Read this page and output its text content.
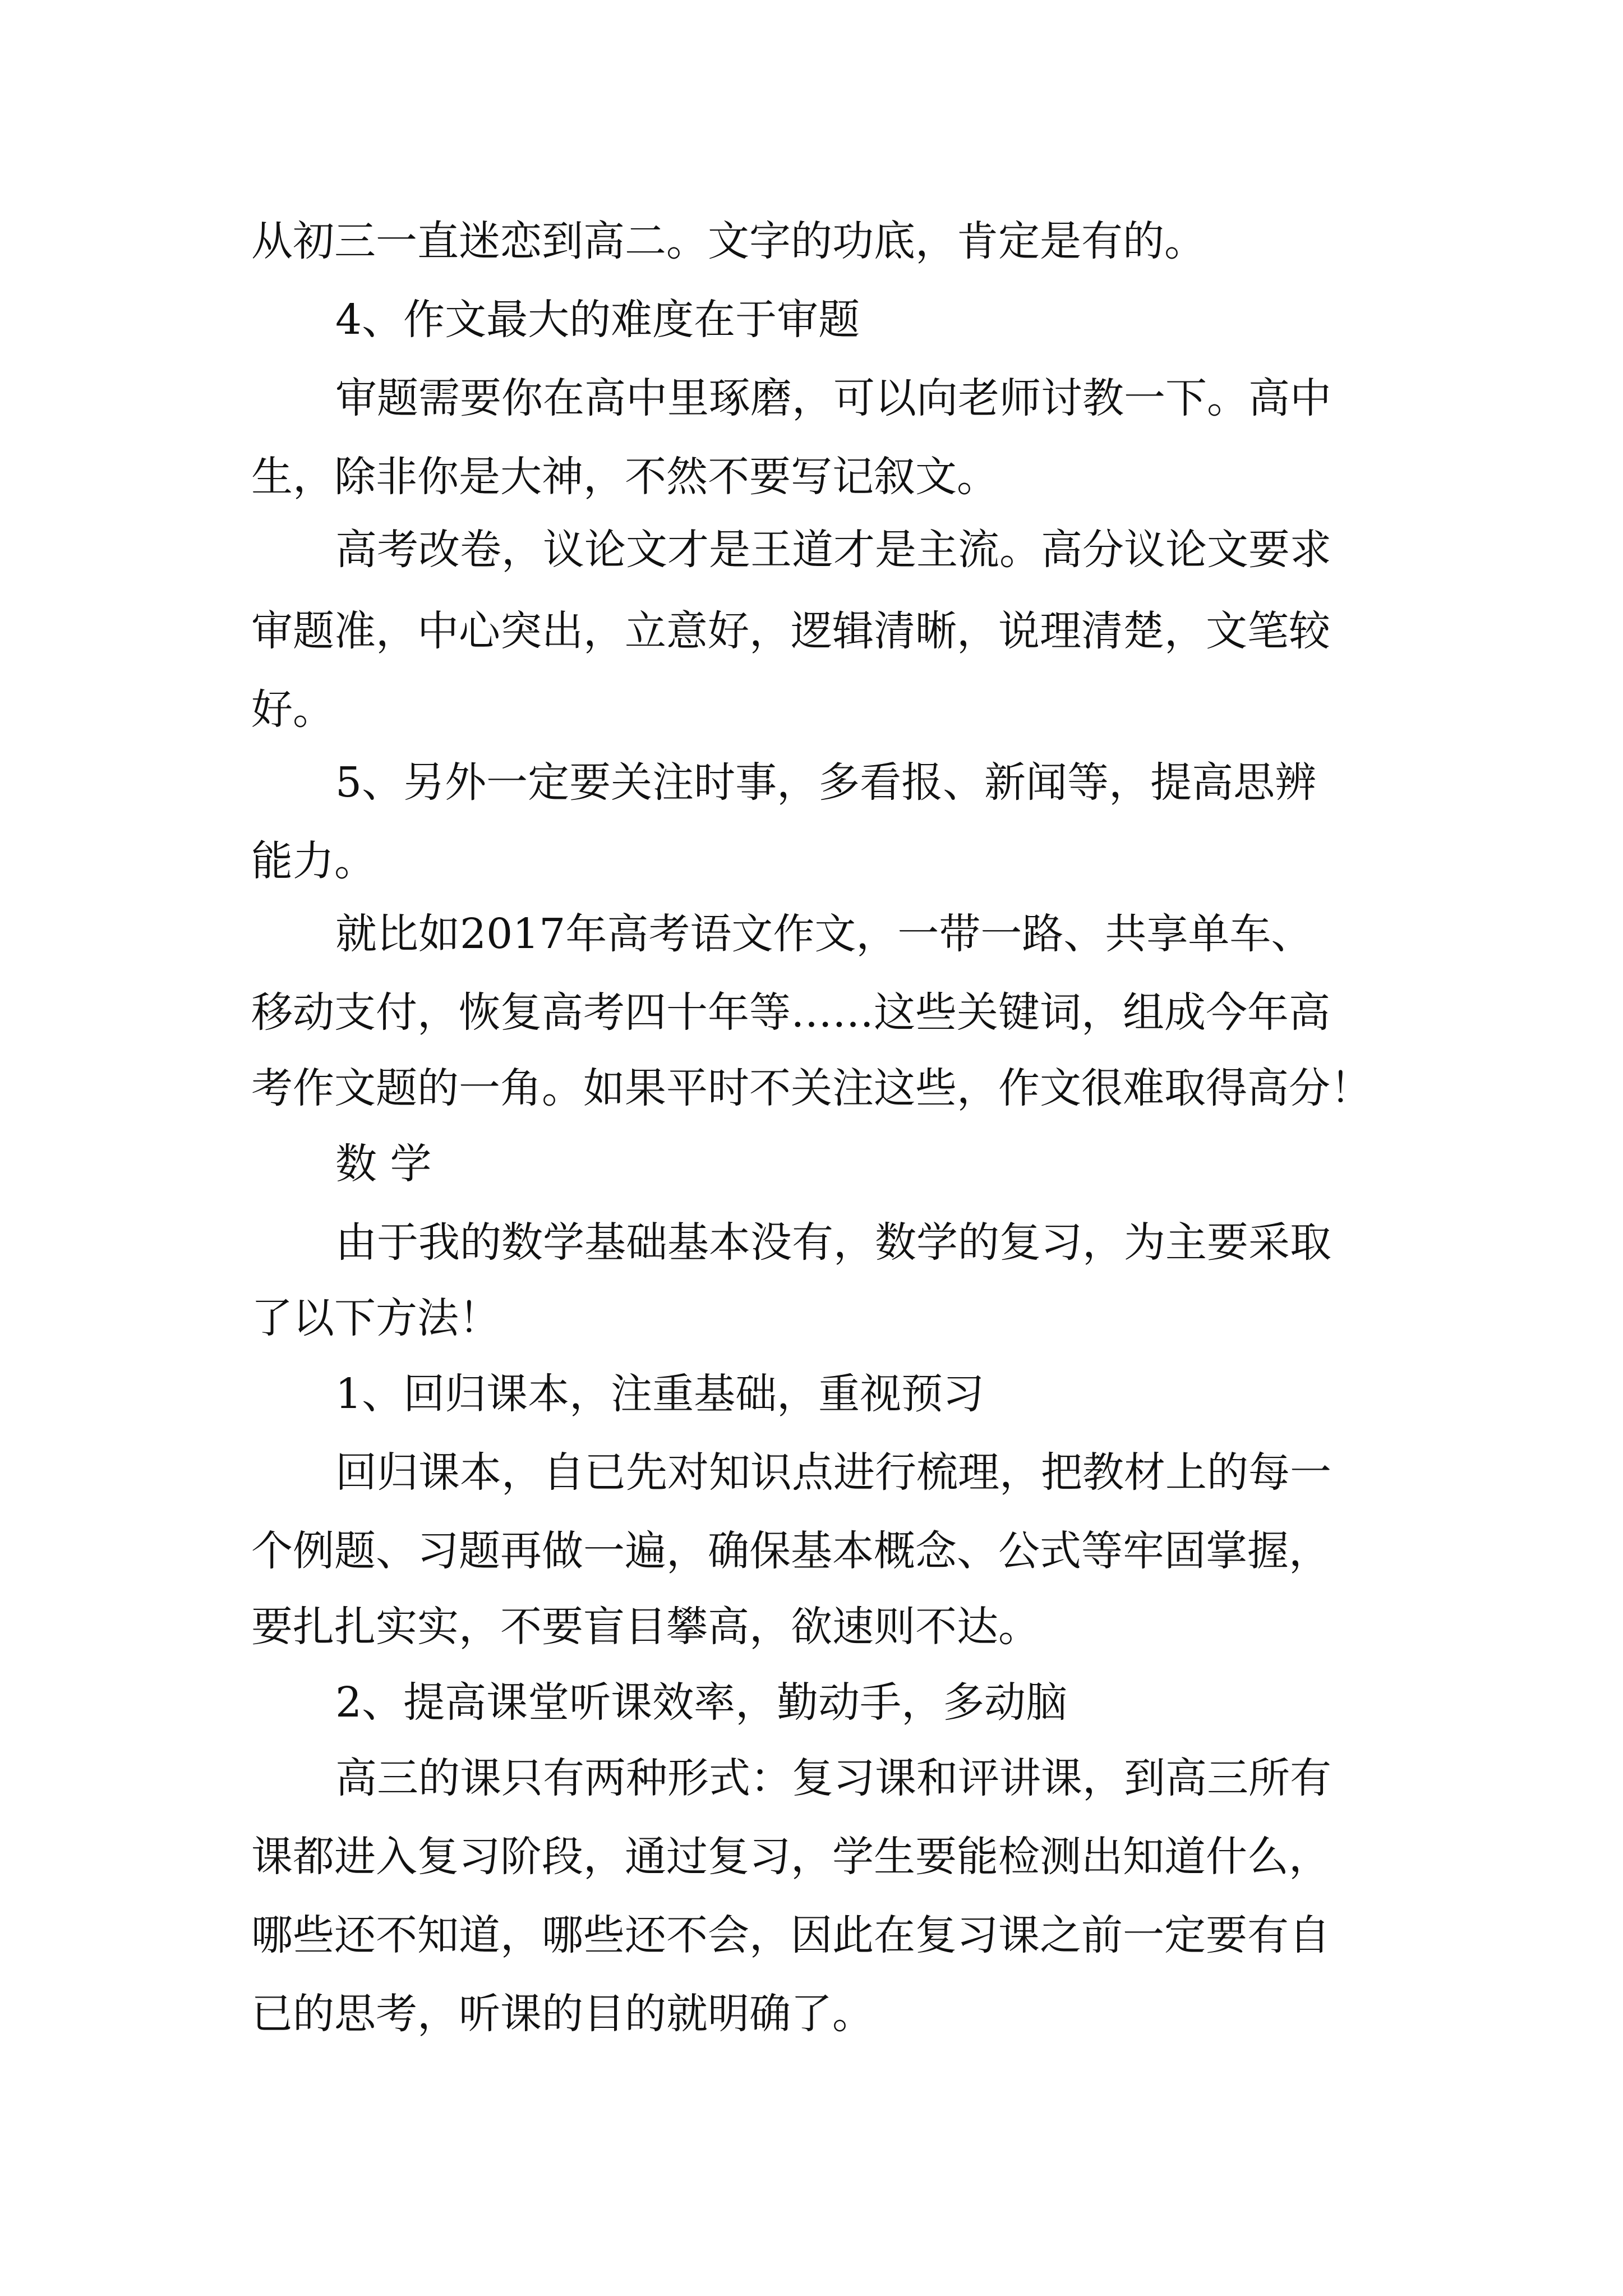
从初三一直迷恋到高二。文字的功底，肯定是有的。
4、作文最大的难度在于审题
审题需要你在高中里琢磨，可以向老师讨教一下。高中
生，除非你是大神，不然不要写记叙文。
高考改卷，议论文才是王道才是主流。高分议论文要求
审题准，中心突出，立意好，逻辑清晰，说理清楚，文笔较
好。
5、另外一定要关注时事，多看报、新闻等，提高思辨
能力。
就比如2017年高考语文作文，一带一路、共享单车、
移动支付，恢复高考四十年等……这些关键词，组成今年高
考作文题的一角。如果平时不关注这些，作文很难取得高分！
数 学
由于我的数学基础基本没有，数学的复习，为主要采取
了以下方法！
1、回归课本，注重基础，重视预习
回归课本，自已先对知识点进行梳理，把教材上的每一
个例题、习题再做一遍，确保基本概念、公式等牢固掌握，
要扎扎实实，不要盲目攀高，欲速则不达。
2、提高课堂听课效率，勤动手，多动脑
高三的课只有两种形式：复习课和评讲课，到高三所有
课都进入复习阶段，通过复习，学生要能检测出知道什么，
哪些还不知道，哪些还不会，因此在复习课之前一定要有自
已的思考，听课的目的就明确了。
